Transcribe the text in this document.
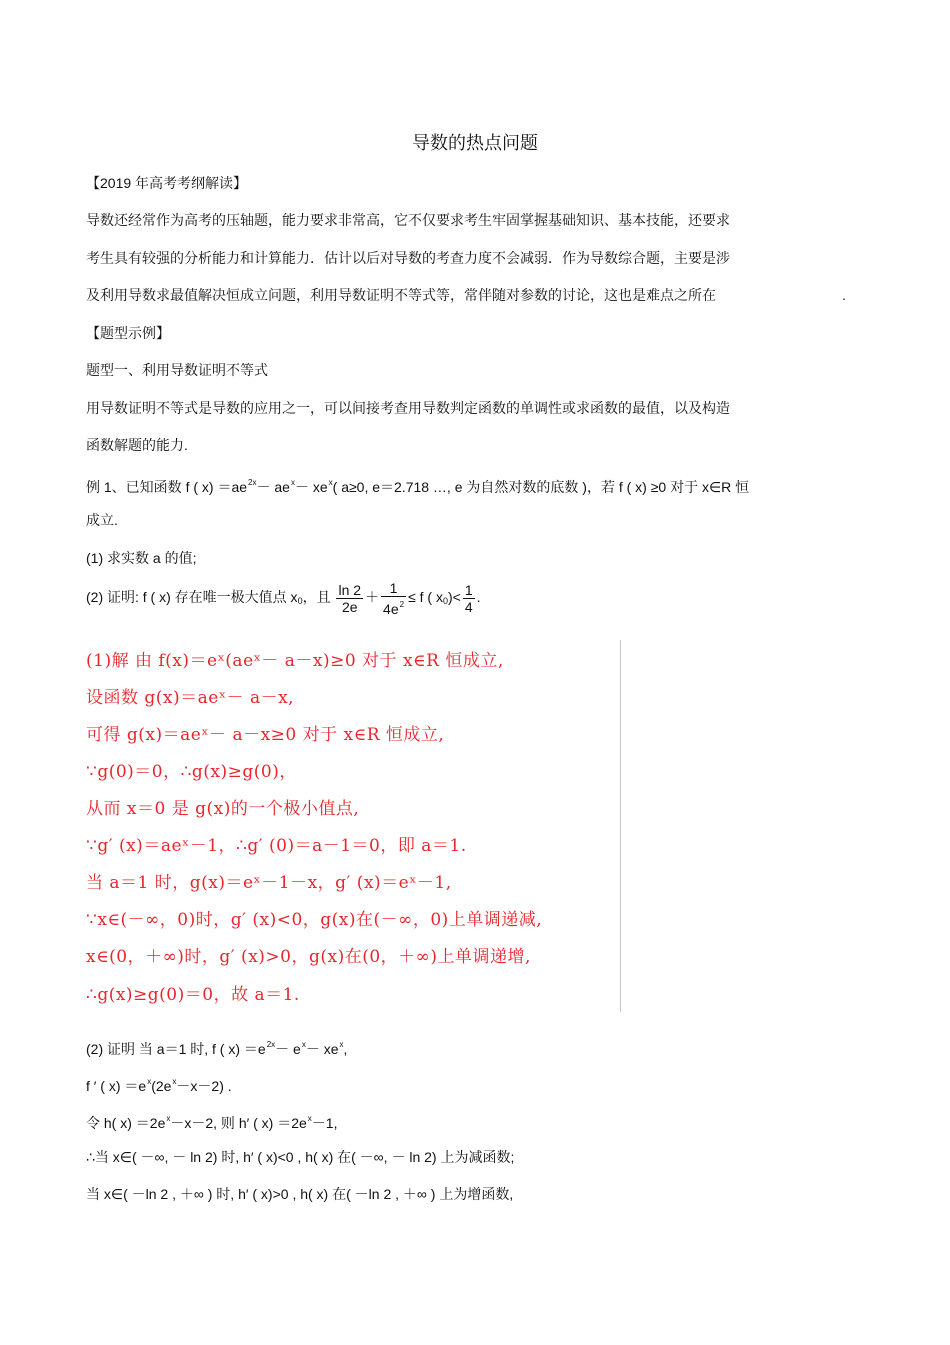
导数的热点问题
【2019 年高考考纲解读】
导数还经常作为高考的压轴题，能力要求非常高，它不仅要求考生牢固掌握基础知识、基本技能，还要求
考生具有较强的分析能力和计算能力．估计以后对导数的考查力度不会减弱．作为导数综合题，主要是涉
及利用导数求最值解决恒成立问题，利用导数证明不等式等，常伴随对参数的讨论，这也是难点之所在	.
【题型示例】
题型一、利用导数证明不等式
用导数证明不等式是导数的应用之一，可以间接考查用导数判定函数的单调性或求函数的最值，以及构造
函数解题的能力.
例 1、已知函数 f ( $x) =ae^{2x}- ae^x- xe^x$( a≥0, e＝2.718 …, e 为自然对数的底数 )，若 f ( x) ≥0 对于 x∈R 恒
成立.
(1) 求实数 a 的值;
(2) 证明: f ( x) 存在唯一极大值点 $x_0$，且 $\frac{\ln 2}{2e} + \frac{1}{4e^2} \le f$ ( $x_0)< \frac{1}{4}$ .
(1)解 由 f(x)＝eˣ(aeˣ－ a－x)≥0 对于 x∈R 恒成立,
设函数 g(x)＝aeˣ－ a－x,
可得 g(x)＝aeˣ－ a－x≥0 对于 x∈R 恒成立,
∵g(0)＝0，∴g(x)≥g(0)，
从而 x＝0 是 g(x)的一个极小值点,
∵g′ (x)＝aeˣ－1，∴g′ (0)＝a－1＝0，即 a＝1.
当 a＝1 时，g(x)＝eˣ－1－x，g′ (x)＝eˣ－1,
∵x∈(－∞，0)时，g′ (x)<0，g(x)在(－∞，0)上单调递减,
x∈(0，＋∞)时，g′ (x)>0，g(x)在(0，＋∞)上单调递增,
∴g(x)≥g(0)＝0，故 a＝1.
(2) 证明 当 a＝1 时, f ( $x) =e^{2x}- e^x- xe^x$,
f ′ ( $x) =e^x(2e^x-x-2)$ .
令 h( $x) =2e^x-x-2$, 则 h′ ( $x) =2e^x-1$,
∴当 x∈( －∞, － ln 2) 时, h′ ( x)<0 , h( x) 在( －∞, － ln 2) 上为减函数;
当 x∈( －ln 2 , ＋∞ ) 时, h′ ( x)>0 , h( x) 在( －ln 2 , ＋∞ ) 上为增函数,
